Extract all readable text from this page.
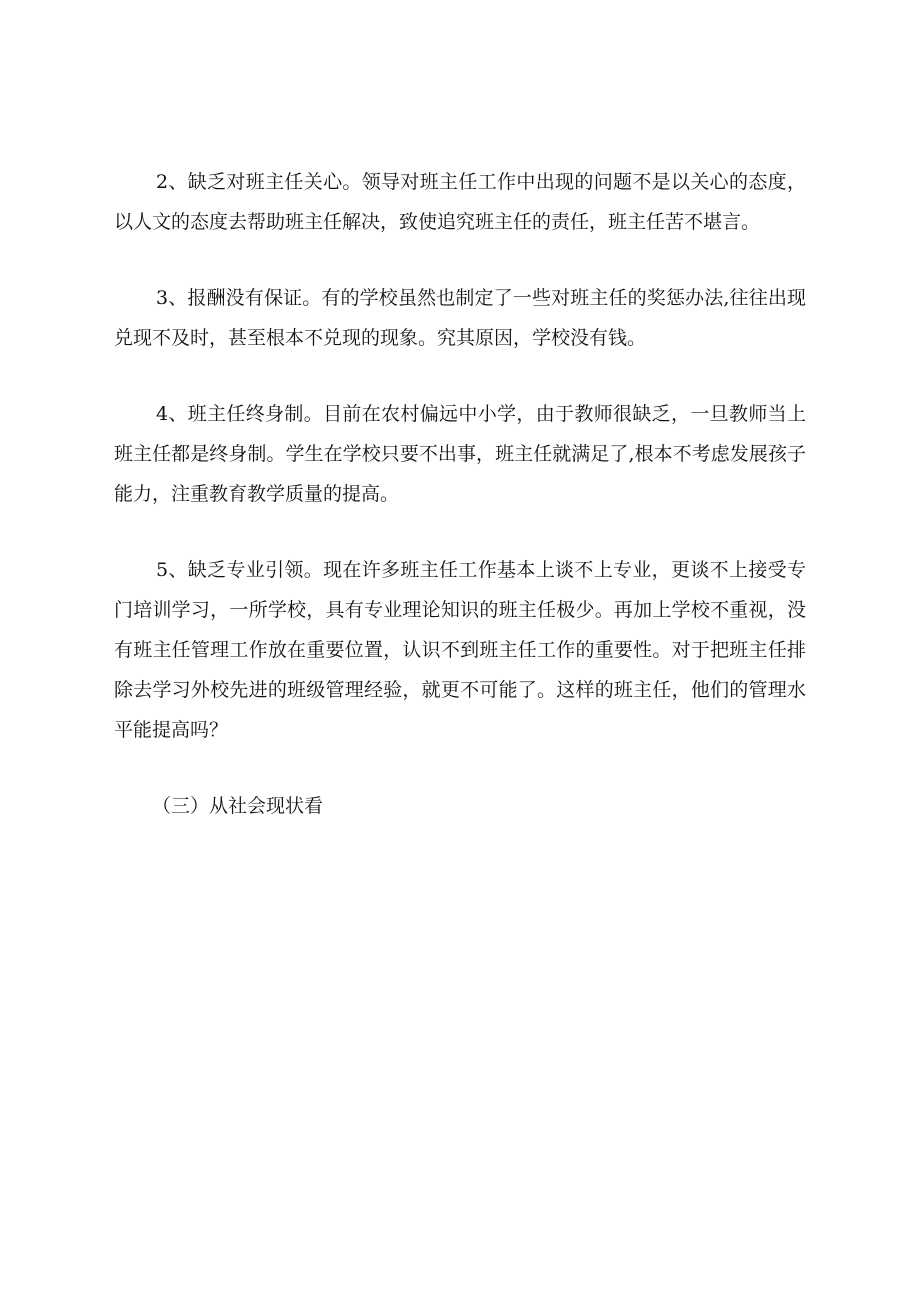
2、缺乏对班主任关心。领导对班主任工作中出现的问题不是以关心的态度，以人文的态度去帮助班主任解决，致使追究班主任的责任，班主任苦不堪言。

3、报酬没有保证。有的学校虽然也制定了一些对班主任的奖惩办法,往往出现兑现不及时，甚至根本不兑现的现象。究其原因，学校没有钱。

4、班主任终身制。目前在农村偏远中小学，由于教师很缺乏，一旦教师当上班主任都是终身制。学生在学校只要不出事，班主任就满足了,根本不考虑发展孩子能力，注重教育教学质量的提高。

5、缺乏专业引领。现在许多班主任工作基本上谈不上专业，更谈不上接受专门培训学习，一所学校，具有专业理论知识的班主任极少。再加上学校不重视，没有班主任管理工作放在重要位置，认识不到班主任工作的重要性。对于把班主任排除去学习外校先进的班级管理经验，就更不可能了。这样的班主任，他们的管理水平能提高吗？

（三）从社会现状看
